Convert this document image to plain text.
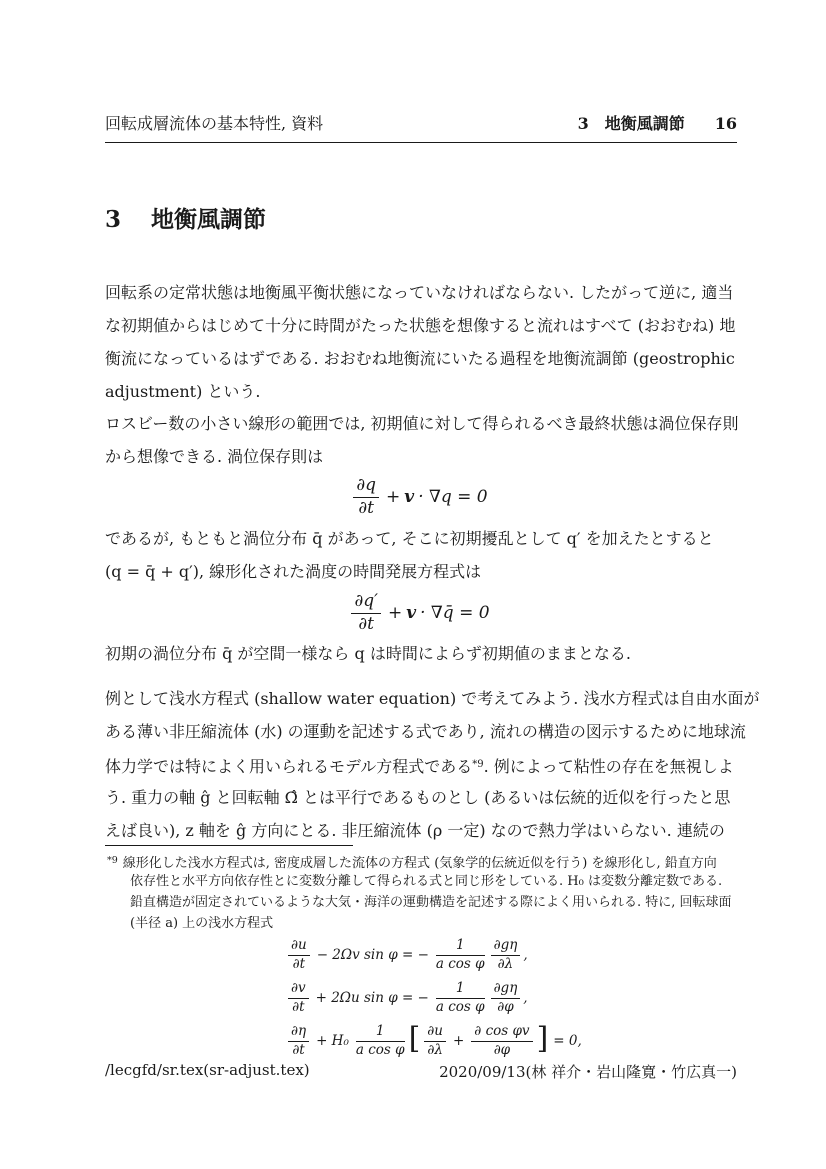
回転成層流体の基本特性, 資料	3 地衡風調節 16
3 地衡風調節
回転系の定常状態は地衡風平衡状態になっていなければならない. したがって逆に, 適当
な初期値からはじめて十分に時間がたった状態を想像すると流れはすべて (おおむね) 地
衡流になっているはずである. おおむね地衡流にいたる過程を地衡流調節 (geostrophic
adjustment) という.
ロスビー数の小さい線形の範囲では, 初期値に対して得られるべき最終状態は渦位保存則
から想像できる. 渦位保存則は
$\frac{\partial q}{\partial t} + v \cdot \nabla q = 0$
であるが, もともと渦位分布 q̄ があって, そこに初期擾乱として q′ を加えたとすると
(q = q̄ + q′), 線形化された渦度の時間発展方程式は
$\frac{\partial q'}{\partial t} + v$ · ∇q̄ = 0
初期の渦位分布 q̄ が空間一様なら q は時間によらず初期値のままとなる.
例として浅水方程式 (shallow water equation) で考えてみよう. 浅水方程式は自由水面が
ある薄い非圧縮流体 (水) の運動を記述する式であり, 流れの構造の図示するために地球流
体力学では特によく用いられるモデル方程式である$^{*9}$. 例によって粘性の存在を無視しよ
う. 重力の軸 ĝ と回転軸 Ω̂ とは平行であるものとし (あるいは伝統的近似を行ったと思
えば良い), z 軸を ĝ 方向にとる. 非圧縮流体 (ρ 一定) なので熱力学はいらない. 連続の
$^{*9}$ 線形化した浅水方程式は, 密度成層した流体の方程式 (気象学的伝統近似を行う) を線形化し, 鉛直方向
依存性と水平方向依存性とに変数分離して得られる式と同じ形をしている. H₀ は変数分離定数である.
鉛直構造が固定されているような大気・海洋の運動構造を記述する際によく用いられる. 特に, 回転球面
(半径 a) 上の浅水方程式
$\frac{\partial u}{\partial t} - 2\Omega v$ sin φ = − $\frac{1}{\text{a cos φ}} \frac{\partial g\eta}{\partial\lambda}$ ,
$\frac{\partial v}{\partial t} + 2\Omega u$ sin φ = − $\frac{1}{\text{a cos φ}} \frac{\partial g\eta}{\partial\varphi}$ ,
$\frac{\partial\eta}{\partial t} + H_0 \frac{1}{\text{a cos φ}}$ [ $\frac{\partial u}{\partial\lambda} + \frac{\text{∂ cos φv}}{\partial\varphi}$ ] = 0,
/lecgfd/sr.tex(sr-adjust.tex)	2020/09/13(林 祥介・岩山隆寛・竹広真一)
